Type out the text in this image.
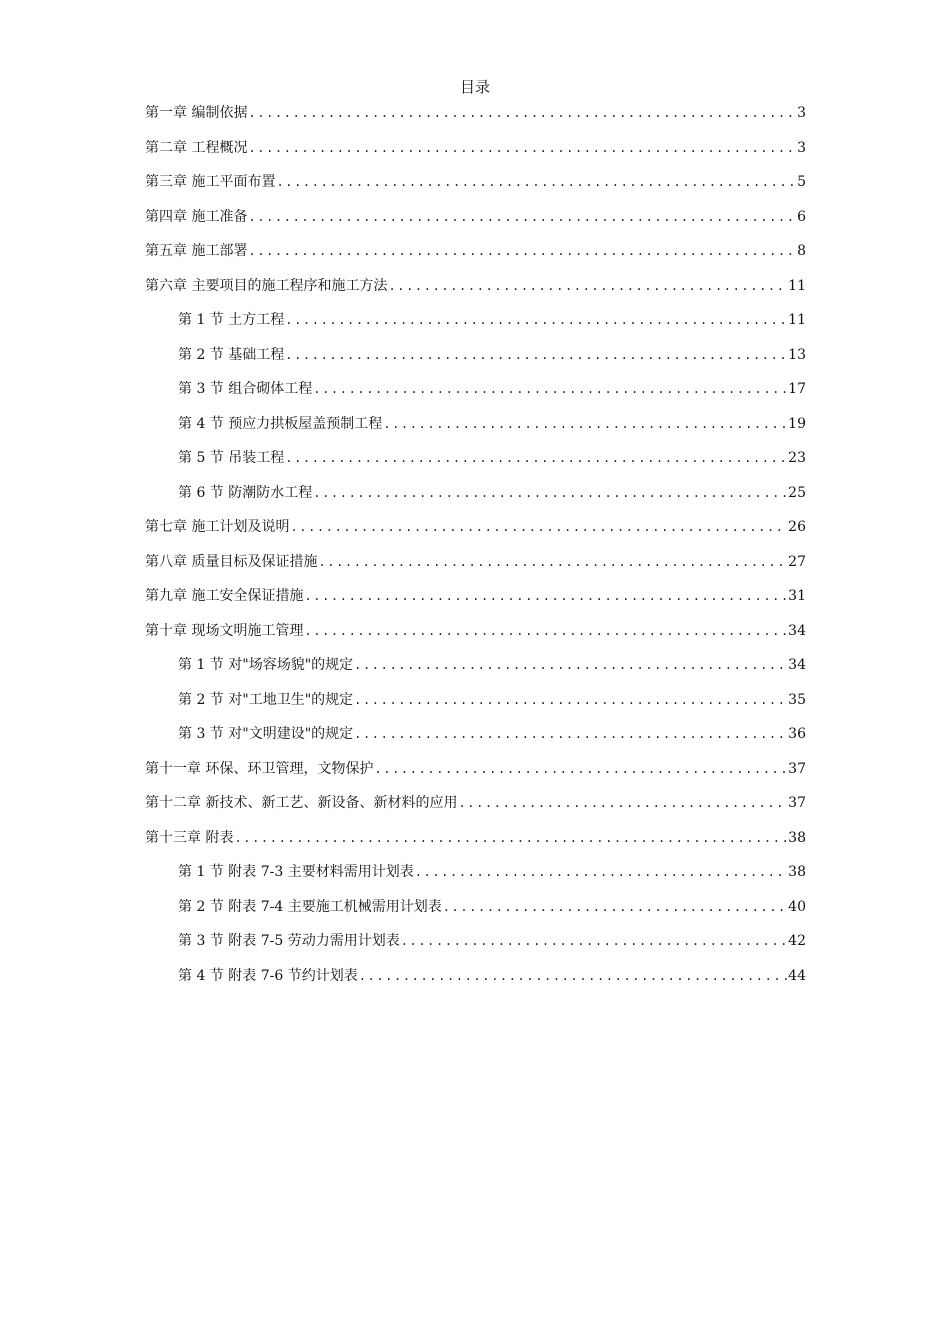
目录
第一章 编制依据 .....	3
第二章 工程概况 .....	3
第三章 施工平面布置 .....	5
第四章 施工准备 .....	6
第五章 施工部署 .....	8
第六章 主要项目的施工程序和施工方法 .....	11
第 1 节 土方工程 .....	11
第 2 节 基础工程 .....	13
第 3 节 组合砌体工程 .....	17
第 4 节 预应力拱板屋盖预制工程 .....	19
第 5 节 吊装工程 .....	23
第 6 节 防潮防水工程 .....	25
第七章 施工计划及说明 .....	26
第八章 质量目标及保证措施 .....	27
第九章 施工安全保证措施 .....	31
第十章 现场文明施工管理 .....	34
第 1 节 对"场容场貌"的规定 .....	34
第 2 节 对"工地卫生"的规定 .....	35
第 3 节 对"文明建设"的规定 .....	36
第十一章 环保、环卫管理，文物保护 .....	37
第十二章 新技术、新工艺、新设备、新材料的应用 .....	37
第十三章 附表 .....	38
第 1 节 附表 7-3 主要材料需用计划表 .....	38
第 2 节 附表 7-4 主要施工机械需用计划表 .....	40
第 3 节 附表 7-5 劳动力需用计划表 .....	42
第 4 节 附表 7-6 节约计划表 .....	44
